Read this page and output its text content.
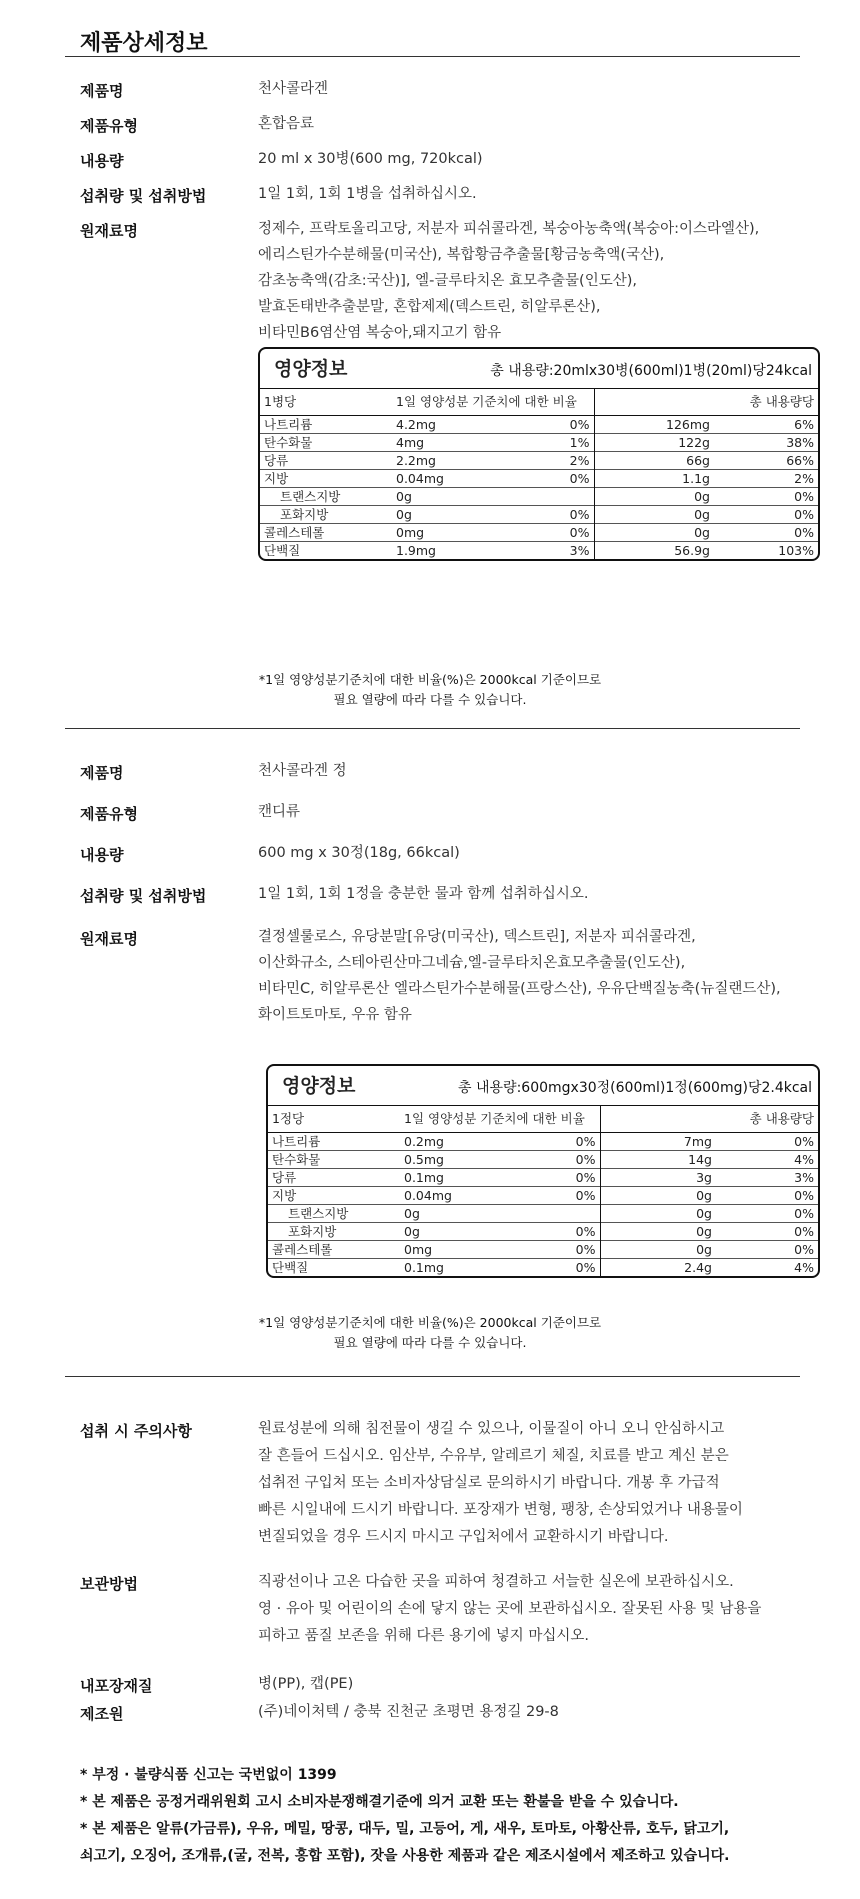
제품상세정보
제품명	천사콜라겐
제품유형	혼합음료
내용량	20 ml x 30병(600 mg, 720kcal)
섭취량 및 섭취방법	1일 1회, 1회 1병을 섭취하십시오.
원재료명	정제수, 프락토올리고당, 저분자 피쉬콜라겐, 복숭아농축액(복숭아:이스라엘산),
에리스틴가수분해물(미국산), 복합황금추출물[황금농축액(국산),
감초농축액(감초:국산)], 엘-글루타치온 효모추출물(인도산),
발효돈태반추출분말, 혼합제제(덱스트린, 히알루론산),
비타민B6염산염 복숭아,돼지고기 함유
영양정보	총 내용량:20mlx30병(600ml)1병(20ml)당24kcal
1병당	1일 영양성분 기준치에 대한 비율		총 내용량당	
나트리륨	4.2mg	0%	126mg	6%
탄수화물	4mg	1%	122g	38%
당류	2.2mg	2%	66g	66%
지방	0.04mg	0%	1.1g	2%
트랜스지방	0g		0g	0%
포화지방	0g	0%	0g	0%
콜레스테롤	0mg	0%	0g	0%
단백질	1.9mg	3%	56.9g	103%
*1일 영양성분기준치에 대한 비율(%)은 2000kcal 기준이므로
필요 열량에 따라 다를 수 있습니다.
제품명	천사콜라겐 정
제품유형	캔디류
내용량	600 mg x 30정(18g, 66kcal)
섭취량 및 섭취방법	1일 1회, 1회 1정을 충분한 물과 함께 섭취하십시오.
원재료명	결정셀룰로스, 유당분말[유당(미국산), 덱스트린], 저분자 피쉬콜라겐,
이산화규소, 스테아린산마그네슘,엘-글루타치온효모추출물(인도산),
비타민C, 히알루론산 엘라스틴가수분해물(프랑스산), 우유단백질농축(뉴질랜드산),
화이트토마토, 우유 함유
영양정보	총 내용량:600mgx30정(600ml)1정(600mg)당2.4kcal
1정당	1일 영양성분 기준치에 대한 비율		총 내용량당	
나트리륨	0.2mg	0%	7mg	0%
탄수화물	0.5mg	0%	14g	4%
당류	0.1mg	0%	3g	3%
지방	0.04mg	0%	0g	0%
트랜스지방	0g		0g	0%
포화지방	0g	0%	0g	0%
콜레스테롤	0mg	0%	0g	0%
단백질	0.1mg	0%	2.4g	4%
*1일 영양성분기준치에 대한 비율(%)은 2000kcal 기준이므로
필요 열량에 따라 다를 수 있습니다.
섭취 시 주의사항	원료성분에 의해 침전물이 생길 수 있으나, 이물질이 아니 오니 안심하시고
잘 흔들어 드십시오. 임산부, 수유부, 알레르기 체질, 치료를 받고 계신 분은
섭취전 구입처 또는 소비자상담실로 문의하시기 바랍니다. 개봉 후 가급적
빠른 시일내에 드시기 바랍니다. 포장재가 변형, 팽창, 손상되었거나 내용물이
변질되었을 경우 드시지 마시고 구입처에서 교환하시기 바랍니다.
보관방법	직광선이나 고온 다습한 곳을 피하여 청결하고 서늘한 실온에 보관하십시오.
영 · 유아 및 어린이의 손에 닿지 않는 곳에 보관하십시오. 잘못된 사용 및 남용을
피하고 품질 보존을 위해 다른 용기에 넣지 마십시오.
내포장재질	병(PP), 캡(PE)
제조원	(주)네이처텍 / 충북 진천군 초평면 용정길 29-8
* 부정 · 불량식품 신고는 국번없이 1399
* 본 제품은 공정거래위원회 고시 소비자분쟁해결기준에 의거 교환 또는 환불을 받을 수 있습니다.
* 본 제품은 알류(가금류), 우유, 메밀, 땅콩, 대두, 밀, 고등어, 게, 새우, 토마토, 아황산류, 호두, 닭고기,
쇠고기, 오징어, 조개류,(굴, 전복, 홍합 포함), 잣을 사용한 제품과 같은 제조시설에서 제조하고 있습니다.
